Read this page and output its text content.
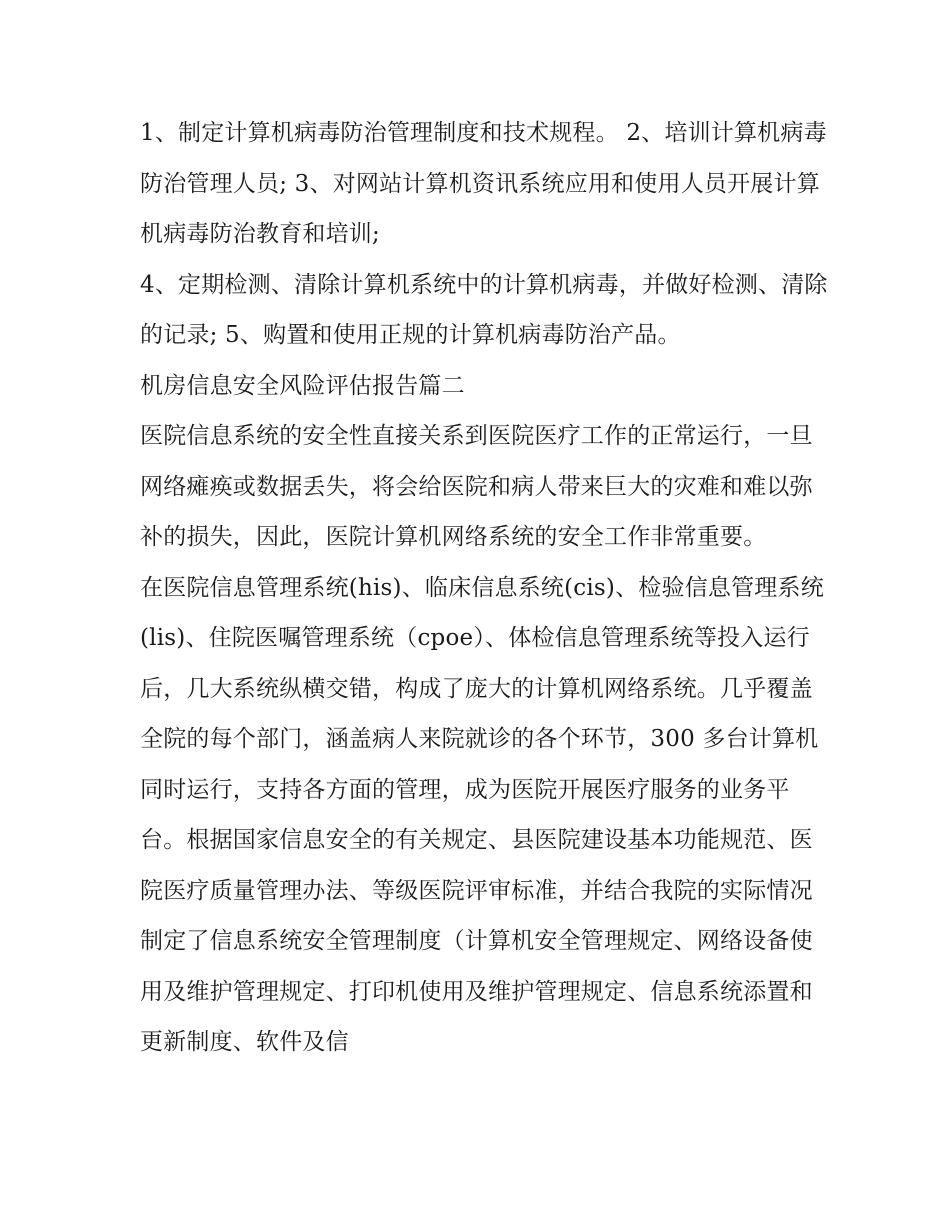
1、制定计算机病毒防治管理制度和技术规程。 2、培训计算机病毒防治管理人员; 3、对网站计算机资讯系统应用和使用人员开展计算机病毒防治教育和培训;

4、定期检测、清除计算机系统中的计算机病毒，并做好检测、清除的记录; 5、购置和使用正规的计算机病毒防治产品。

机房信息安全风险评估报告篇二

医院信息系统的安全性直接关系到医院医疗工作的正常运行，一旦网络瘫痪或数据丢失，将会给医院和病人带来巨大的灾难和难以弥补的损失，因此，医院计算机网络系统的安全工作非常重要。

在医院信息管理系统(his)、临床信息系统(cis)、检验信息管理系统(lis)、住院医嘱管理系统（cpoe）、体检信息管理系统等投入运行后，几大系统纵横交错，构成了庞大的计算机网络系统。几乎覆盖全院的每个部门，涵盖病人来院就诊的各个环节，300 多台计算机同时运行，支持各方面的管理，成为医院开展医疗服务的业务平台。根据国家信息安全的有关规定、县医院建设基本功能规范、医院医疗质量管理办法、等级医院评审标准，并结合我院的实际情况制定了信息系统安全管理制度（计算机安全管理规定、网络设备使用及维护管理规定、打印机使用及维护管理规定、信息系统添置和更新制度、软件及信
